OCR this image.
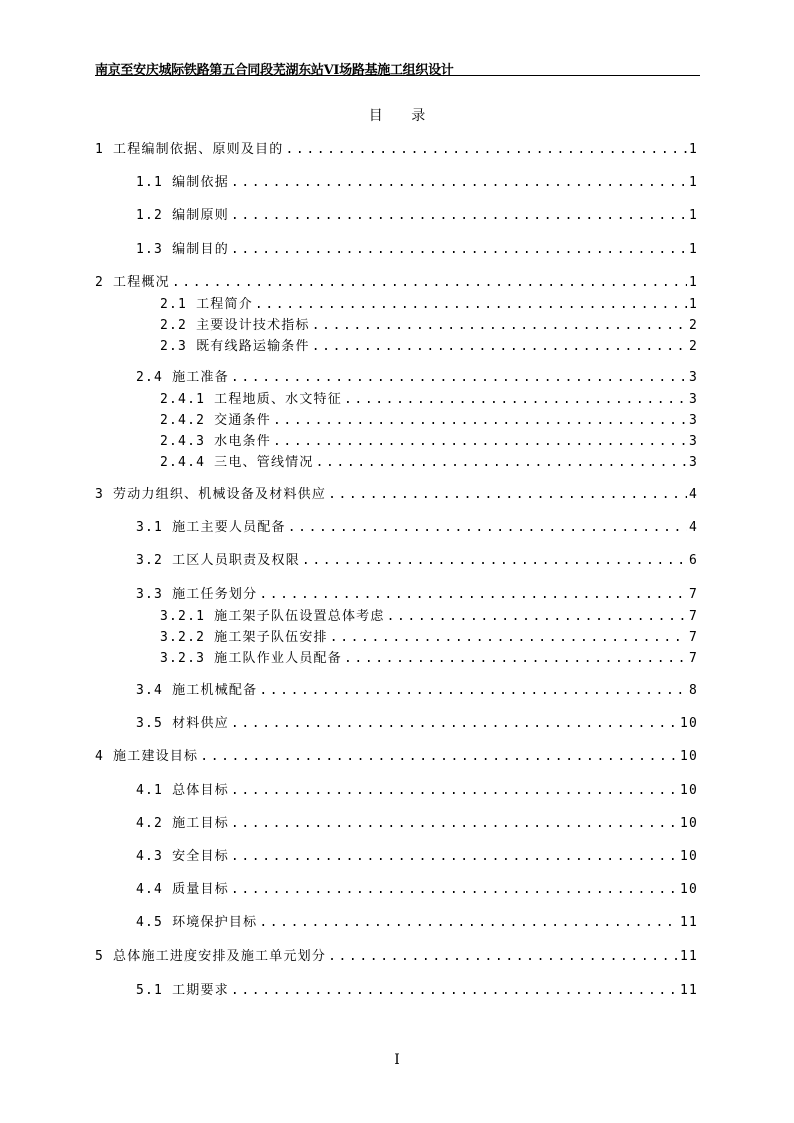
南京至安庆城际铁路第五合同段芜湖东站VI场路基施工组织设计
目 录
1 工程编制依据、原则及目的 .....	1
1.1 编制依据 .....	1
1.2 编制原则 .....	1
1.3 编制目的 .....	1
2 工程概况 .....	1
2.1 工程简介 .....	1
2.2 主要设计技术指标 .....	2
2.3 既有线路运输条件 .....	2
2.4 施工准备 .....	3
2.4.1 工程地质、水文特征 .....	3
2.4.2 交通条件 .....	3
2.4.3 水电条件 .....	3
2.4.4 三电、管线情况 .....	3
3 劳动力组织、机械设备及材料供应 .....	4
3.1 施工主要人员配备 .....	4
3.2 工区人员职责及权限 .....	6
3.3 施工任务划分 .....	7
3.2.1 施工架子队伍设置总体考虑 .....	7
3.2.2 施工架子队伍安排 .....	7
3.2.3 施工队作业人员配备 .....	7
3.4 施工机械配备 .....	8
3.5 材料供应 .....	10
4 施工建设目标 .....	10
4.1 总体目标 .....	10
4.2 施工目标 .....	10
4.3 安全目标 .....	10
4.4 质量目标 .....	10
4.5 环境保护目标 .....	11
5 总体施工进度安排及施工单元划分 .....	11
5.1 工期要求 .....	11
I
